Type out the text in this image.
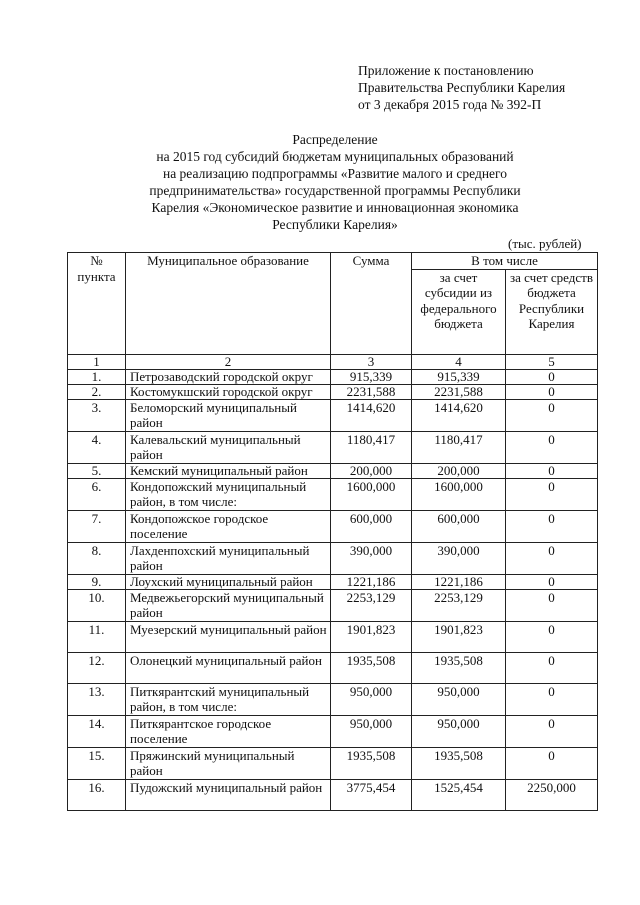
Приложение к постановлению
Правительства Республики Карелия
от 3 декабря 2015 года № 392-П
Распределение
на 2015 год субсидий бюджетам муниципальных образований
на реализацию подпрограммы «Развитие малого и среднего
предпринимательства» государственной программы Республики
Карелия «Экономическое развитие и инновационная экономика
Республики Карелия»
(тыс. рублей)
№ пункта	Муниципальное образование	Сумма	В том числе	
			за счет субсидии из федерального бюджета	за счет средств бюджета Республики Карелия
1	2	3	4	5
1.	Петрозаводский городской округ	915,339	915,339	0
2.	Костомукшский городской округ	2231,588	2231,588	0
3.	Беломорский муниципальный район	1414,620	1414,620	0
4.	Калевальский муниципальный район	1180,417	1180,417	0
5.	Кемский муниципальный район	200,000	200,000	0
6.	Кондопожский муниципальный район, в том числе:	1600,000	1600,000	0
7.	Кондопожское городское поселение	600,000	600,000	0
8.	Лахденпохский муниципальный район	390,000	390,000	0
9.	Лоухский муниципальный район	1221,186	1221,186	0
10.	Медвежьегорский муниципальный район	2253,129	2253,129	0
11.	Муезерский муниципальный район	1901,823	1901,823	0
12.	Олонецкий муниципальный район	1935,508	1935,508	0
13.	Питкярантский муниципальный район, в том числе:	950,000	950,000	0
14.	Питкярантское городское поселение	950,000	950,000	0
15.	Пряжинский муниципальный район	1935,508	1935,508	0
16.	Пудожский муниципальный район	3775,454	1525,454	2250,000
